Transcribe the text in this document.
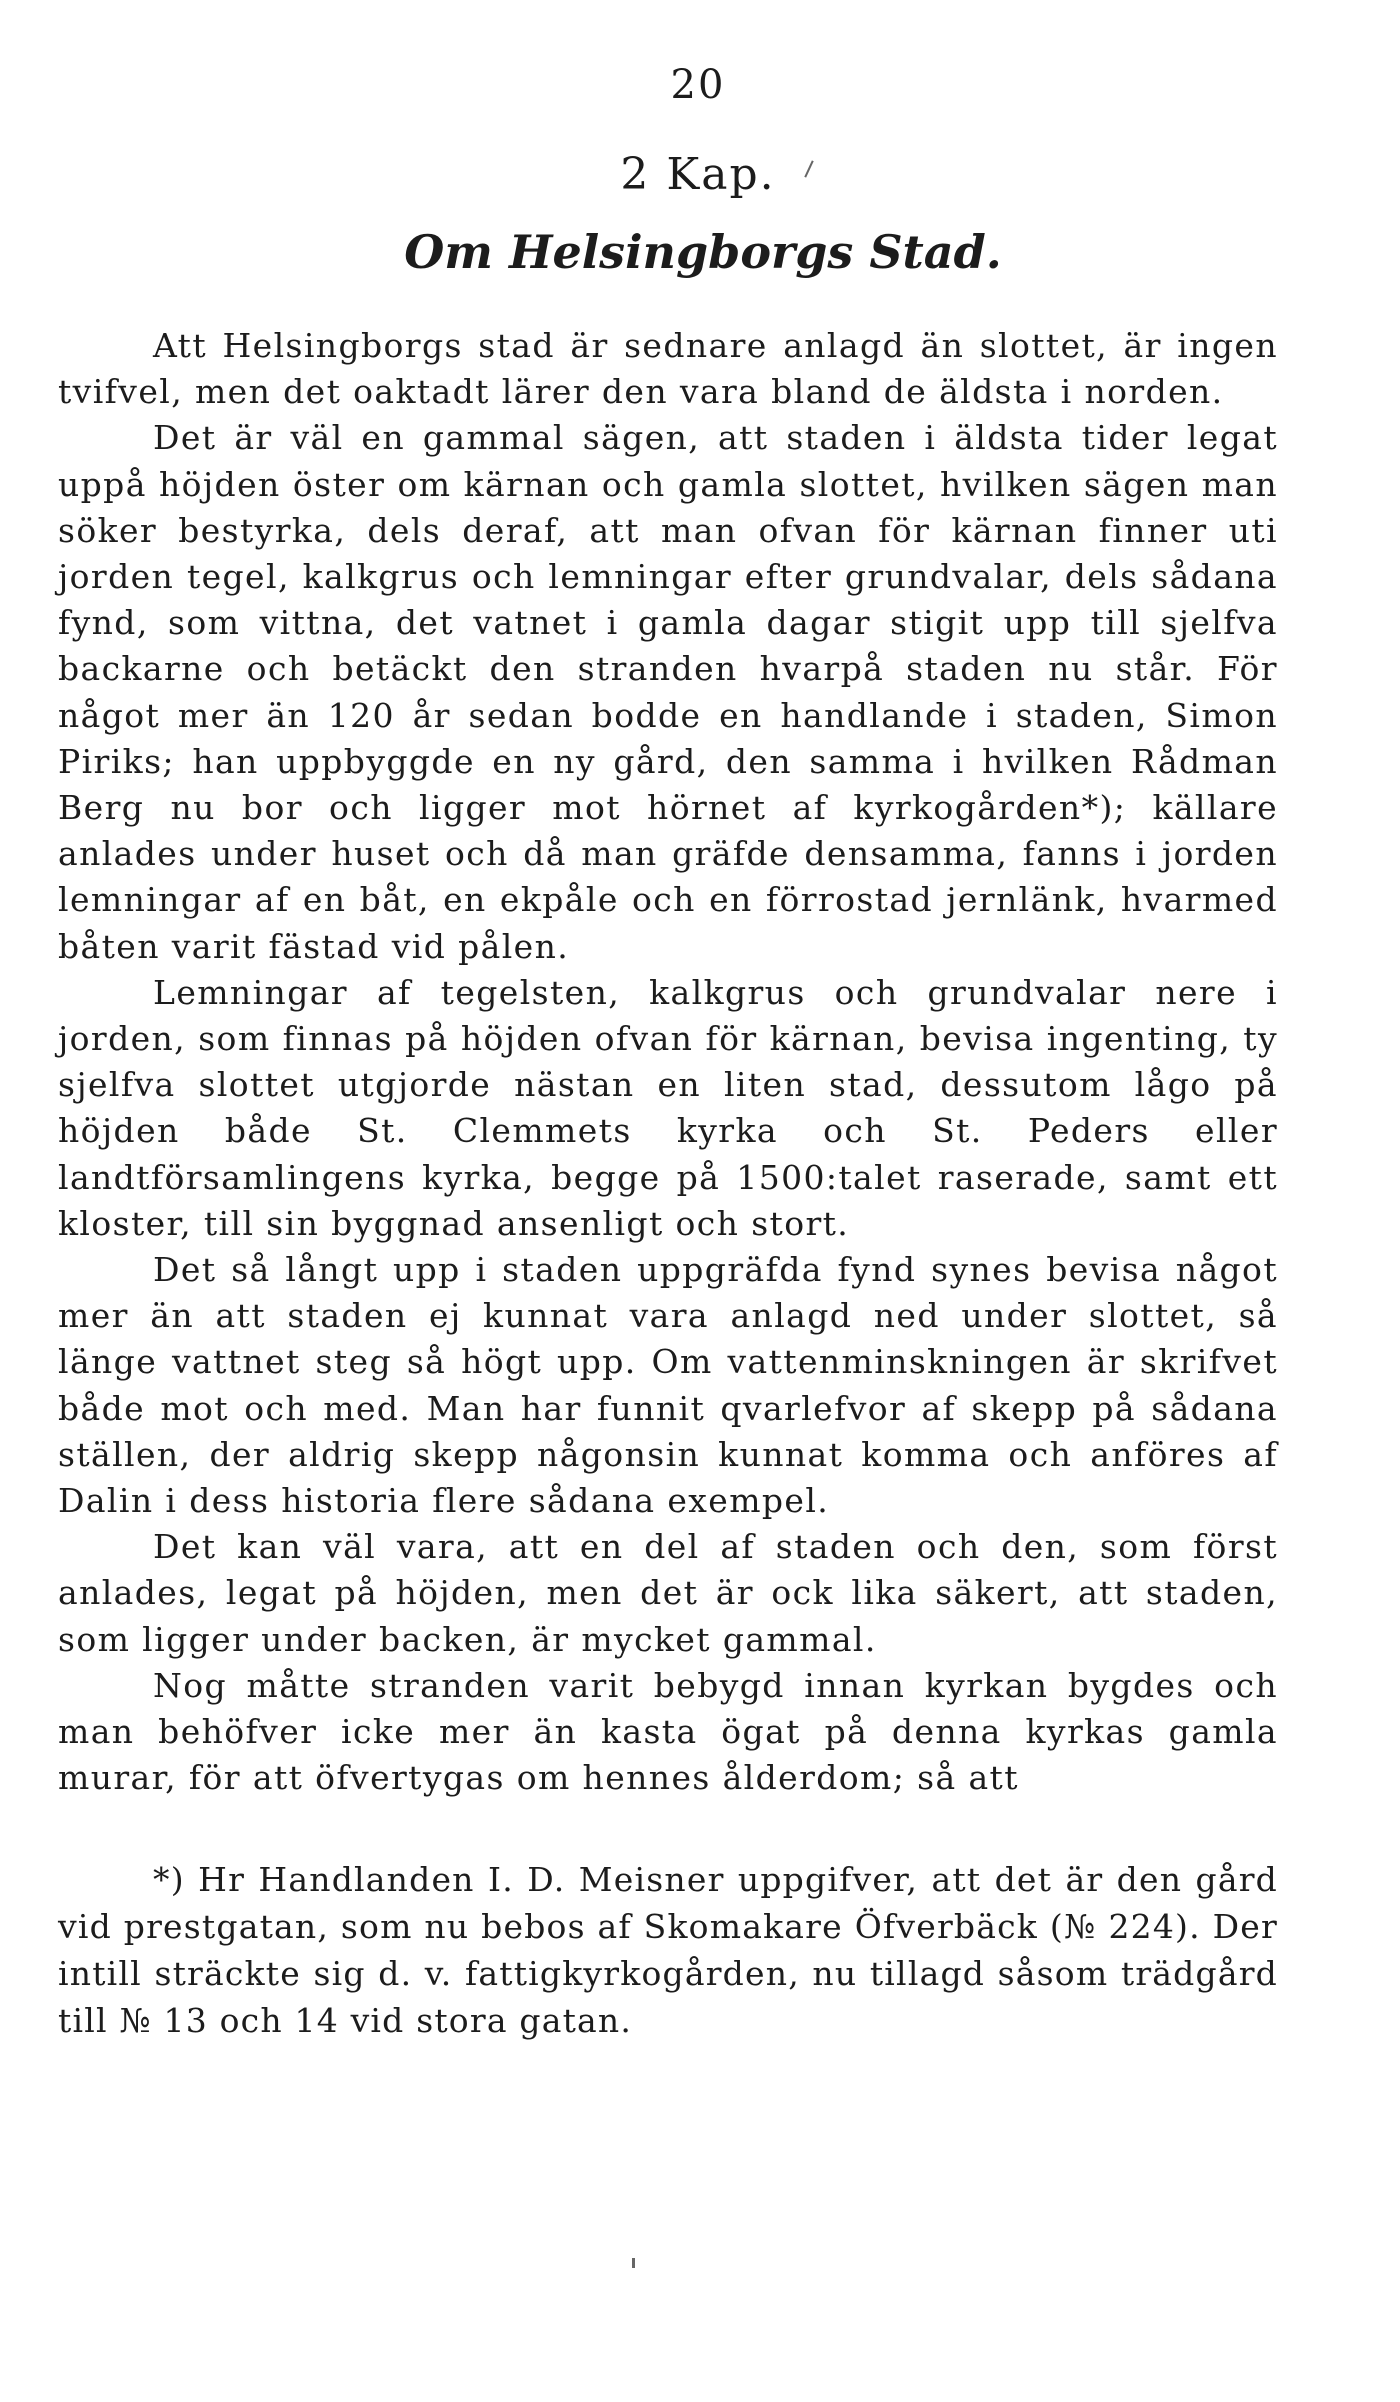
20
2 Kap.
Om Helsingborgs Stad.

Att Helsingborgs stad är sednare anlagd än slottet, är ingen tvifvel, men det oaktadt lärer den vara bland de äldsta i norden.

Det är väl en gammal sägen, att staden i äldsta tider legat uppå höjden öster om kärnan och gamla slottet, hvilken sägen man söker bestyrka, dels deraf, att man ofvan för kärnan finner uti jorden tegel, kalkgrus och lemningar efter grundvalar, dels sådana fynd, som vittna, det vatnet i gamla dagar stigit upp till sjelfva backarne och betäckt den stranden hvarpå staden nu står. För något mer än 120 år sedan bodde en handlande i staden, Simon Piriks; han uppbyggde en ny gård, den samma i hvilken Rådman Berg nu bor och ligger mot hörnet af kyrkogården*); källare anlades under huset och då man gräfde densamma, fanns i jorden lemningar af en båt, en ekpåle och en förrostad jernlänk, hvarmed båten varit fästad vid pålen.

Lemningar af tegelsten, kalkgrus och grundvalar nere i jorden, som finnas på höjden ofvan för kärnan, bevisa ingenting, ty sjelfva slottet utgjorde nästan en liten stad, dessutom lågo på höjden både St. Clemmets kyrka och St. Peders eller landtförsamlingens kyrka, begge på 1500:talet raserade, samt ett kloster, till sin byggnad ansenligt och stort.

Det så långt upp i staden uppgräfda fynd synes bevisa något mer än att staden ej kunnat vara anlagd ned under slottet, så länge vattnet steg så högt upp. Om vattenminskningen är skrifvet både mot och med. Man har funnit qvarlefvor af skepp på sådana ställen, der aldrig skepp någonsin kunnat komma och anföres af Dalin i dess historia flere sådana exempel.

Det kan väl vara, att en del af staden och den, som först anlades, legat på höjden, men det är ock lika säkert, att staden, som ligger under backen, är mycket gammal.

Nog måtte stranden varit bebygd innan kyrkan bygdes och man behöfver icke mer än kasta ögat på denna kyrkas gamla murar, för att öfvertygas om hennes ålderdom; så att

*) Hr Handlanden I. D. Meisner uppgifver, att det är den gård vid prestgatan, som nu bebos af Skomakare Öfverbäck (№ 224). Der intill sträckte sig d. v. fattigkyrkogården, nu tillagd såsom trädgård till № 13 och 14 vid stora gatan.
